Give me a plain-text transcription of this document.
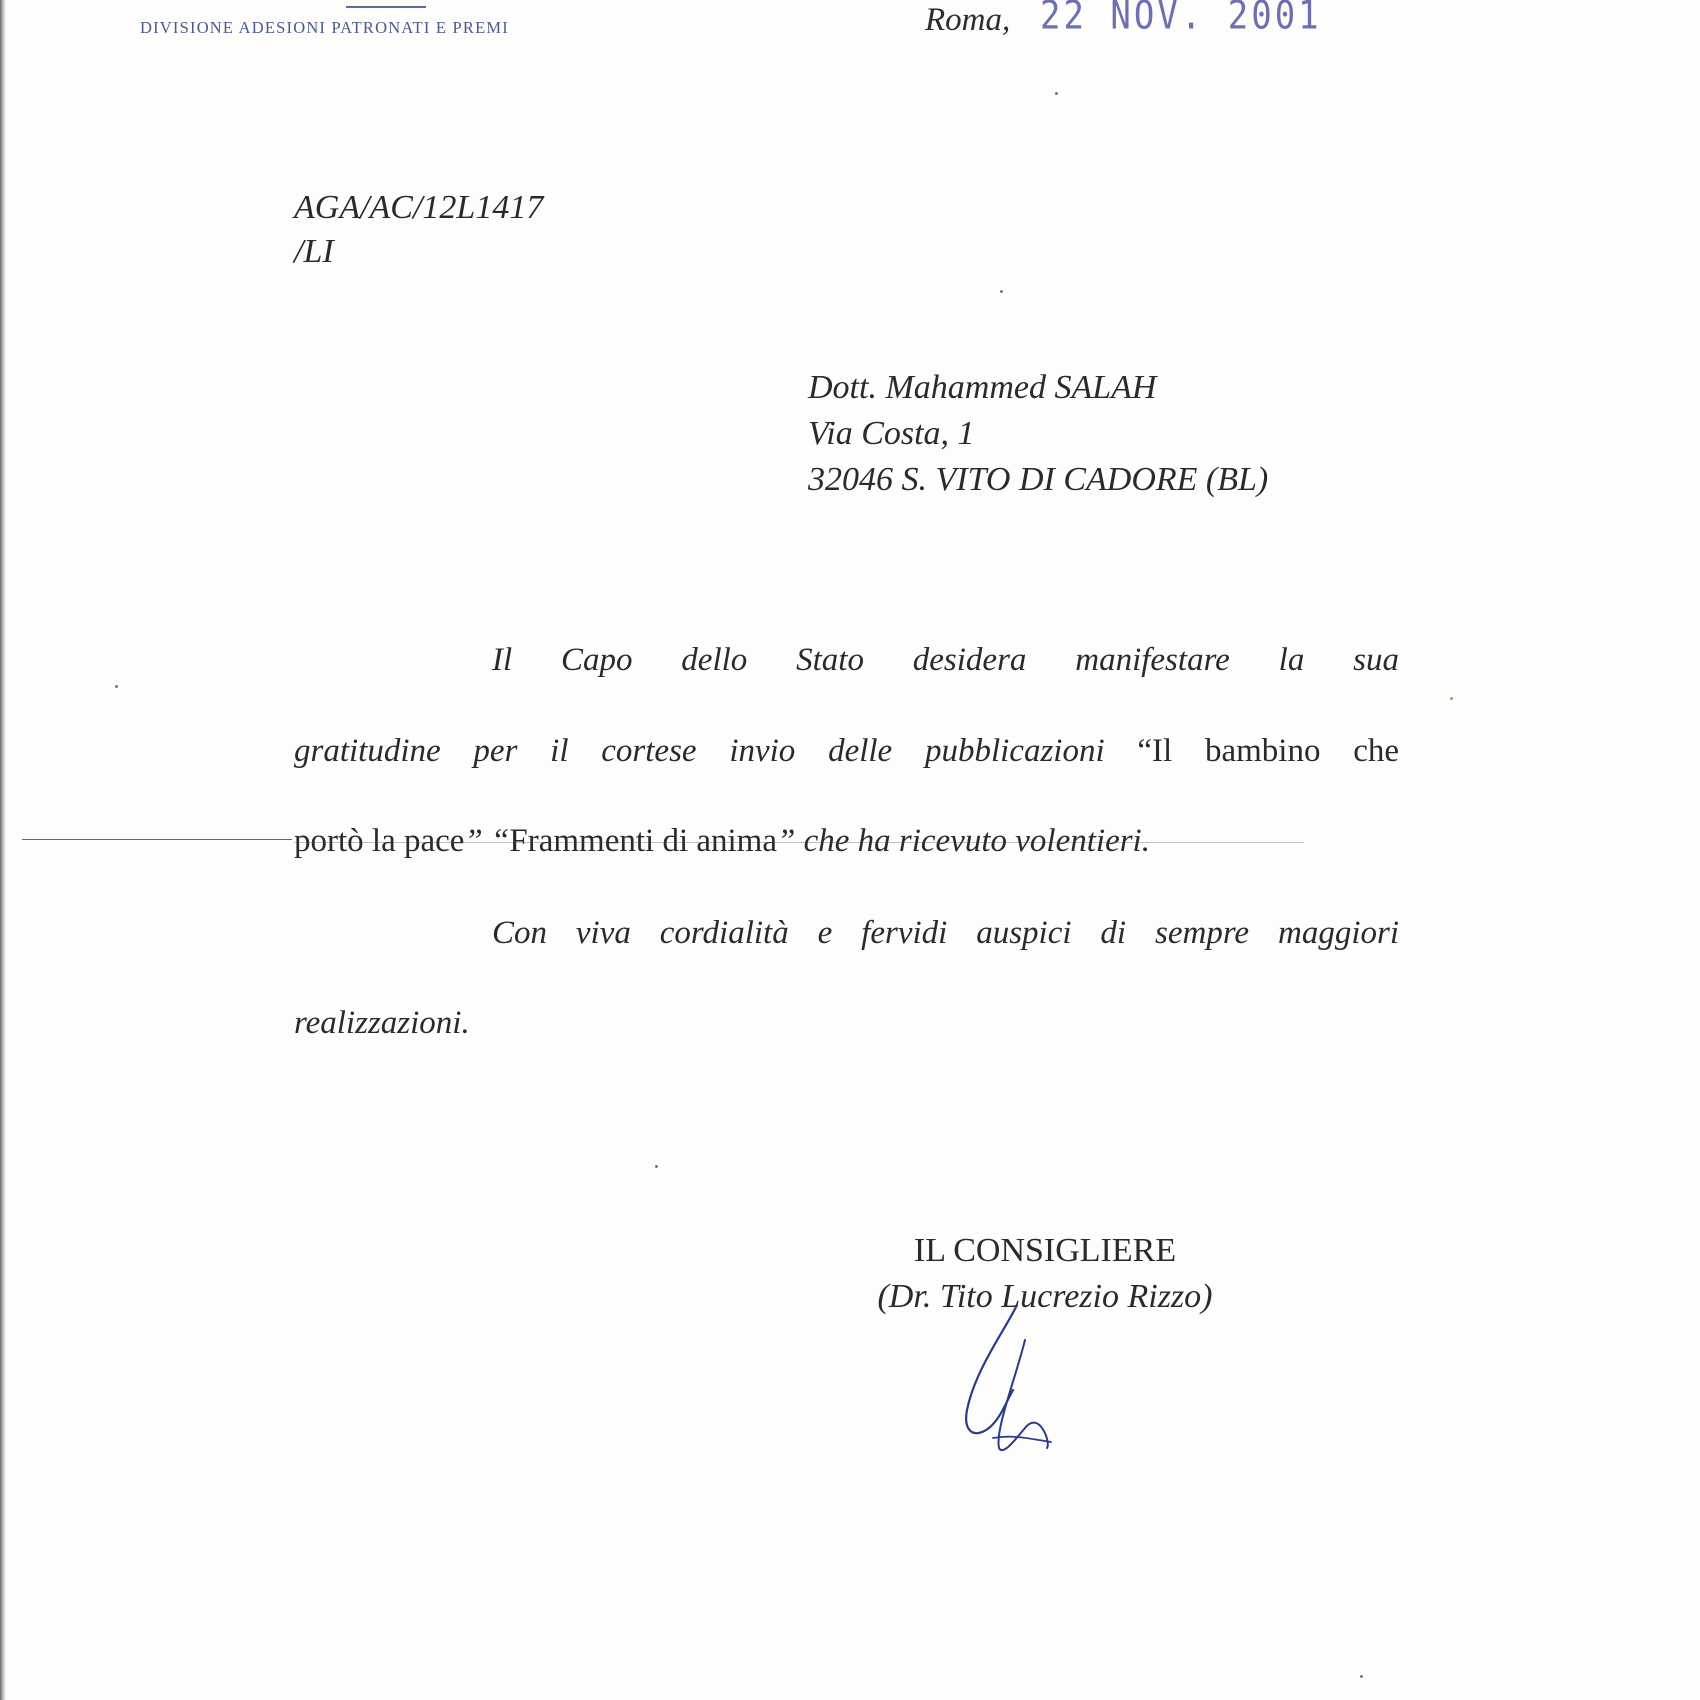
DIVISIONE ADESIONI PATRONATI E PREMI	Roma, 22 NOV. 2001
AGA/AC/12L1417
/LI
Dott. Mahammed SALAH
Via Costa, 1
32046 S. VITO DI CADORE (BL)
Il Capo dello Stato desidera manifestare la sua
gratitudine per il cortese invio delle pubblicazioni “Il bambino che
portò la pace” “Frammenti di anima” che ha ricevuto volentieri.
Con viva cordialità e fervidi auspici di sempre maggiori
realizzazioni.
IL CONSIGLIERE
(Dr. Tito Lucrezio Rizzo)
